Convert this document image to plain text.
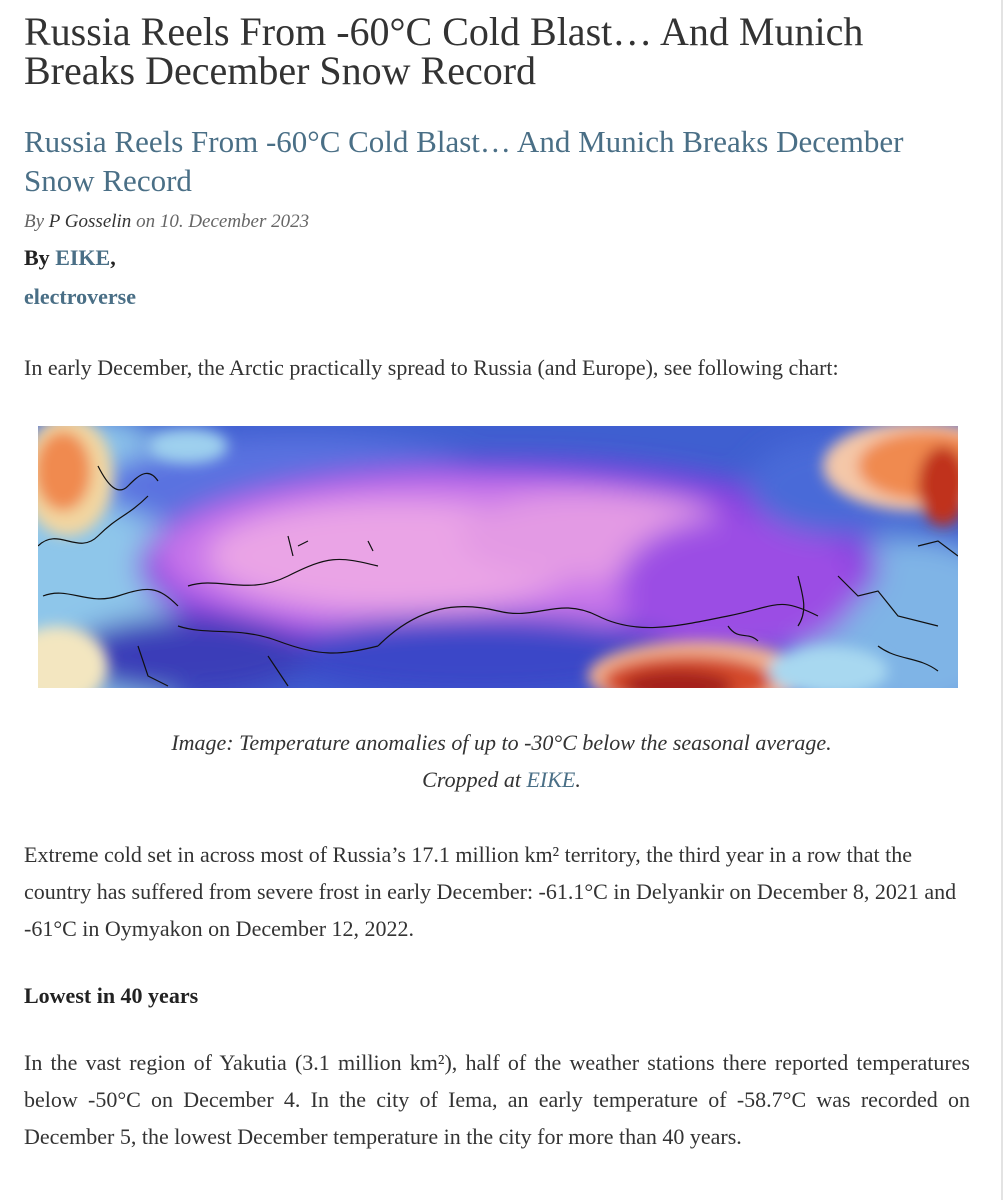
Russia Reels From -60°C Cold Blast… And Munich Breaks December Snow Record
Russia Reels From -60°C Cold Blast… And Munich Breaks December Snow Record
By P Gosselin on 10. December 2023
By EIKE,
electroverse

In early December, the Arctic practically spread to Russia (and Europe), see following chart:

Image: Temperature anomalies of up to -30°C below the seasonal average.
Cropped at EIKE.

Extreme cold set in across most of Russia’s 17.1 million km² territory, the third year in a row that the country has suffered from severe frost in early December: -61.1°C in Delyankir on December 8, 2021 and -61°C in Oymyakon on December 12, 2022.

Lowest in 40 years

In the vast region of Yakutia (3.1 million km²), half of the weather stations there reported temperatures below -50°C on December 4. In the city of Iema, an early temperature of -58.7°C was recorded on December 5, the lowest December temperature in the city for more than 40 years.
